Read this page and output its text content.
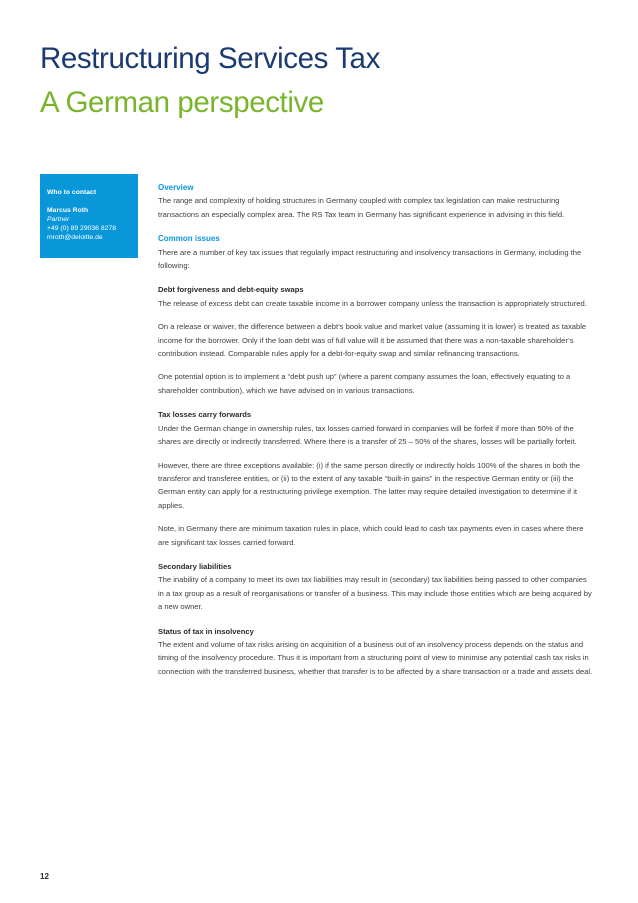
Restructuring Services Tax
A German perspective
Who to contact
Marcus Roth
Partner
+49 (0) 89 29036 8278
mroth@deloitte.de
Overview

The range and complexity of holding structures in Germany coupled with complex tax legislation can make restructuring transactions an especially complex area. The RS Tax team in Germany has significant experience in advising in this field.

Common issues

There are a number of key tax issues that regularly impact restructuring and insolvency transactions in Germany, including the following:

Debt forgiveness and debt-equity swaps

The release of excess debt can create taxable income in a borrower company unless the transaction is appropriately structured.

On a release or waiver, the difference between a debt’s book value and market value (assuming it is lower) is treated as taxable income for the borrower. Only if the loan debt was of full value will it be assumed that there was a non-taxable shareholder’s contribution instead. Comparable rules apply for a debt-for-equity swap and similar refinancing transactions.

One potential option is to implement a “debt push up” (where a parent company assumes the loan, effectively equating to a shareholder contribution), which we have advised on in various transactions.

Tax losses carry forwards

Under the German change in ownership rules, tax losses carried forward in companies will be forfeit if more than 50% of the shares are directly or indirectly transferred. Where there is a transfer of 25 – 50% of the shares, losses will be partially forfeit.

However, there are three exceptions available: (i) if the same person directly or indirectly holds 100% of the shares in both the transferor and transferee entities, or (ii) to the extent of any taxable “built-in gains” in the respective German entity or (iii) the German entity can apply for a restructuring privilege exemption. The latter may require detailed investigation to determine if it applies.

Note, in Germany there are minimum taxation rules in place, which could lead to cash tax payments even in cases where there are significant tax losses carried forward.

Secondary liabilities

The inability of a company to meet its own tax liabilities may result in (secondary) tax liabilities being passed to other companies in a tax group as a result of reorganisations or transfer of a business. This may include those entities which are being acquired by a new owner.

Status of tax in insolvency

The extent and volume of tax risks arising on acquisition of a business out of an insolvency process depends on the status and timing of the insolvency procedure. Thus it is important from a structuring point of view to minimise any potential cash tax risks in connection with the transferred business, whether that transfer is to be affected by a share transaction or a trade and assets deal.

12
